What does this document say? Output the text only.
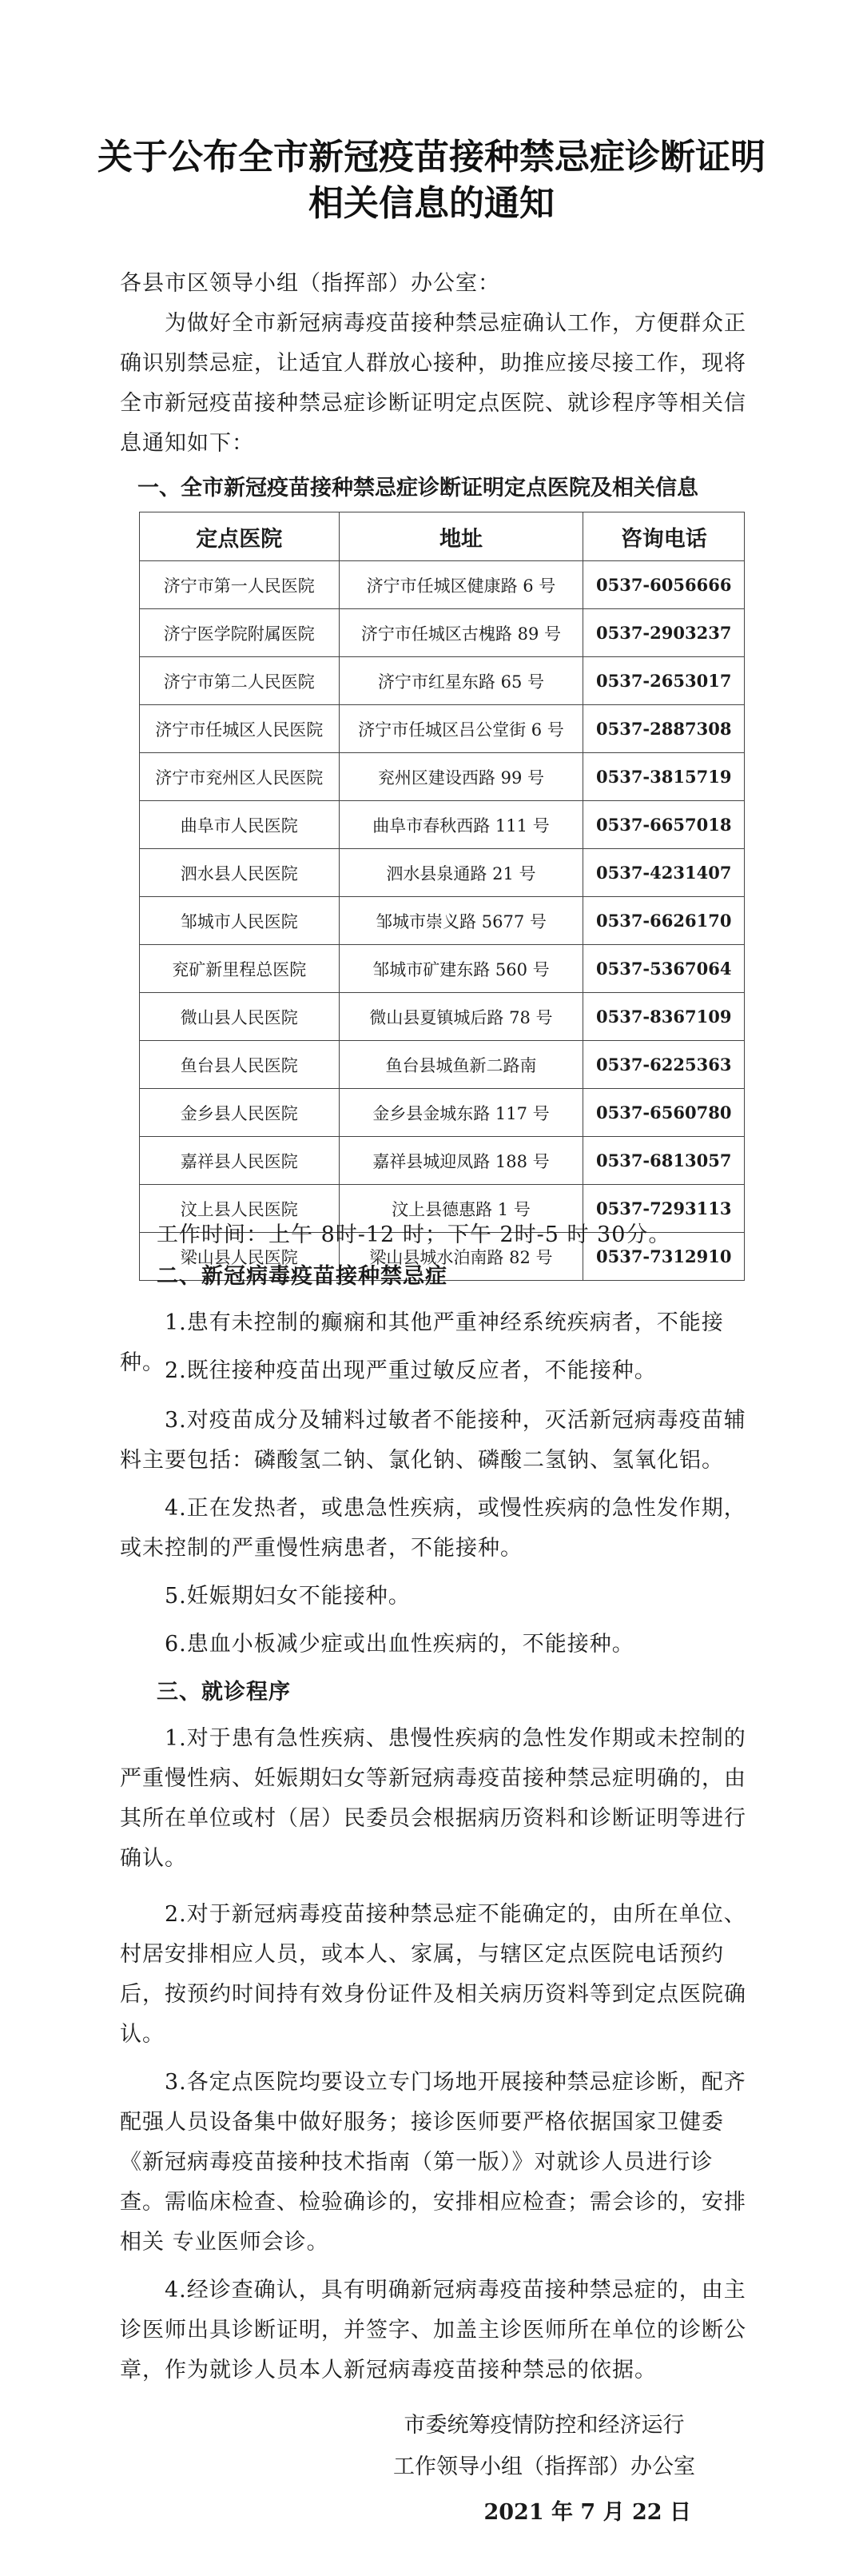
关于公布全市新冠疫苗接种禁忌症诊断证明
相关信息的通知
各县市区领导小组（指挥部）办公室：
为做好全市新冠病毒疫苗接种禁忌症确认工作，方便群众正确识别禁忌症，让适宜人群放心接种，助推应接尽接工作，现将全市新冠疫苗接种禁忌症诊断证明定点医院、就诊程序等相关信息通知如下：
一、全市新冠疫苗接种禁忌症诊断证明定点医院及相关信息
定点医院	地址	咨询电话
济宁市第一人民医院	济宁市任城区健康路 6 号	0537-6056666
济宁医学院附属医院	济宁市任城区古槐路 89 号	0537-2903237
济宁市第二人民医院	济宁市红星东路 65 号	0537-2653017
济宁市任城区人民医院	济宁市任城区吕公堂街 6 号	0537-2887308
济宁市兖州区人民医院	兖州区建设西路 99 号	0537-3815719
曲阜市人民医院	曲阜市春秋西路 111 号	0537-6657018
泗水县人民医院	泗水县泉通路 21 号	0537-4231407
邹城市人民医院	邹城市崇义路 5677 号	0537-6626170
兖矿新里程总医院	邹城市矿建东路 560 号	0537-5367064
微山县人民医院	微山县夏镇城后路 78 号	0537-8367109
鱼台县人民医院	鱼台县城鱼新二路南	0537-6225363
金乡县人民医院	金乡县金城东路 117 号	0537-6560780
嘉祥县人民医院	嘉祥县城迎凤路 188 号	0537-6813057
汶上县人民医院	汶上县德惠路 1 号	0537-7293113
梁山县人民医院	梁山县城水泊南路 82 号	0537-7312910
工作时间：上午 8时-12 时；下午 2时-5 时 30分。
二、新冠病毒疫苗接种禁忌症
1.患有未控制的癫痫和其他严重神经系统疾病者，不能接种。 2.既往接种疫苗出现严重过敏反应者，不能接种。
3.对疫苗成分及辅料过敏者不能接种，灭活新冠病毒疫苗辅料主要包括：磷酸氢二钠、氯化钠、磷酸二氢钠、氢氧化铝。
4.正在发热者，或患急性疾病，或慢性疾病的急性发作期，或未控制的严重慢性病患者，不能接种。
5.妊娠期妇女不能接种。
6.患血小板减少症或出血性疾病的，不能接种。
三、就诊程序
1.对于患有急性疾病、患慢性疾病的急性发作期或未控制的严重慢性病、妊娠期妇女等新冠病毒疫苗接种禁忌症明确的，由其所在单位或村（居）民委员会根据病历资料和诊断证明等进行确认。
2.对于新冠病毒疫苗接种禁忌症不能确定的，由所在单位、村居安排相应人员，或本人、家属，与辖区定点医院电话预约后，按预约时间持有效身份证件及相关病历资料等到定点医院确认。
3.各定点医院均要设立专门场地开展接种禁忌症诊断，配齐配强人员设备集中做好服务；接诊医师要严格依据国家卫健委《新冠病毒疫苗接种技术指南（第一版）》对就诊人员进行诊查。需临床检查、检验确诊的，安排相应检查；需会诊的，安排相关 专业医师会诊。
4.经诊查确认，具有明确新冠病毒疫苗接种禁忌症的，由主诊医师出具诊断证明，并签字、加盖主诊医师所在单位的诊断公章，作为就诊人员本人新冠病毒疫苗接种禁忌的依据。
市委统筹疫情防控和经济运行
工作领导小组（指挥部）办公室
2021 年 7 月 22 日
